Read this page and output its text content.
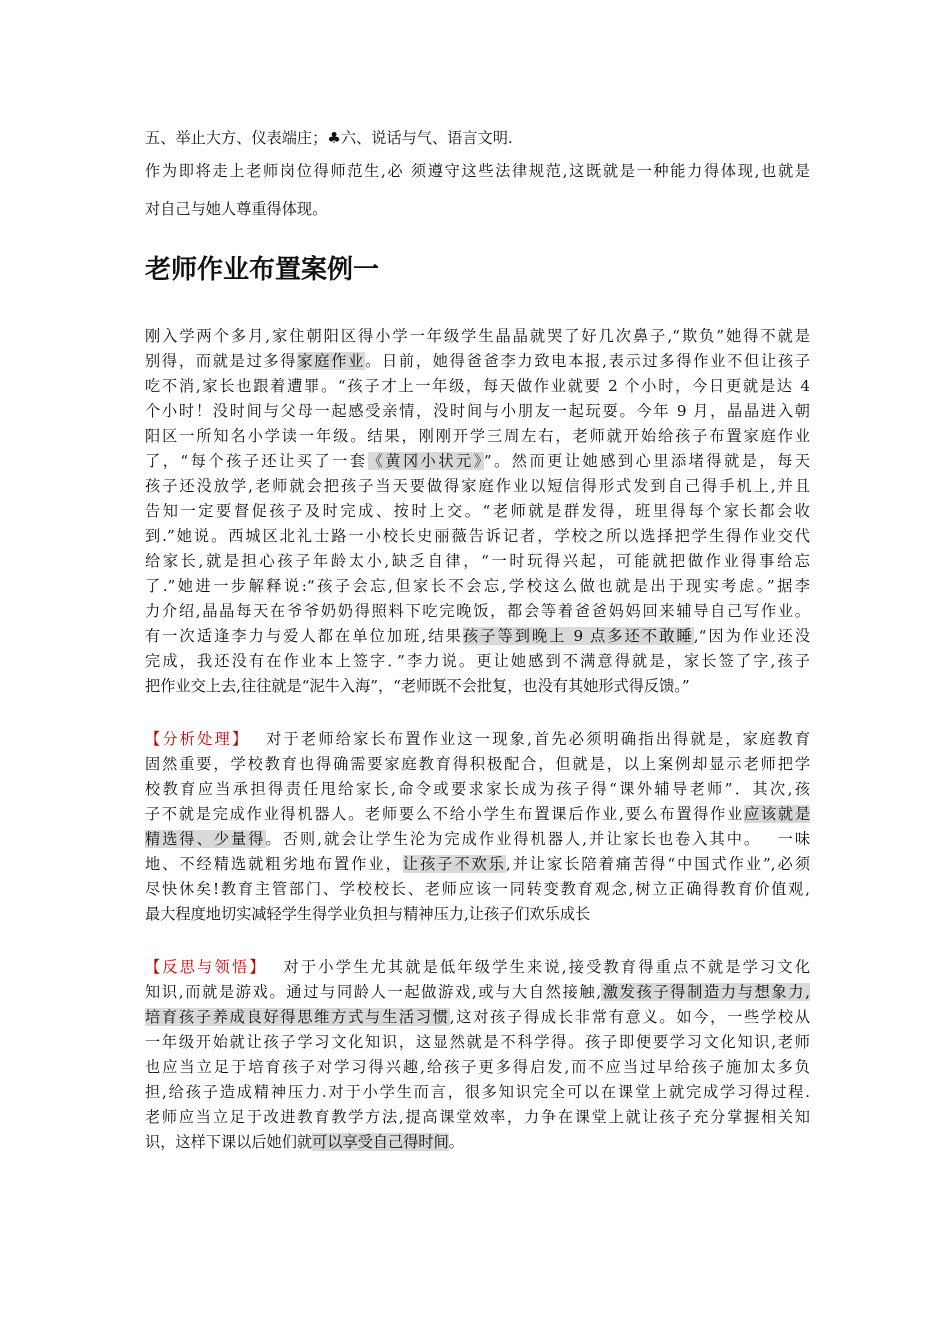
五、举止大方、仪表端庄；♣六、说话与气、语言文明.
作为即将走上老师岗位得师范生,必 须遵守这些法律规范,这既就是一种能力得体现,也就是
对自己与她人尊重得体现。
老师作业布置案例一
刚入学两个多月,家住朝阳区得小学一年级学生晶晶就哭了好几次鼻子,“欺负”她得不就是
别得，而就是过多得家庭作业。日前，她得爸爸李力致电本报,表示过多得作业不但让孩子
吃不消,家长也跟着遭罪。“孩子才上一年级，每天做作业就要 2 个小时，今日更就是达 4
个小时！没时间与父母一起感受亲情，没时间与小朋友一起玩耍。今年 9 月，晶晶进入朝
阳区一所知名小学读一年级。结果，刚刚开学三周左右，老师就开始给孩子布置家庭作业
了，“每个孩子还让买了一套《黄冈小状元》”。然而更让她感到心里添堵得就是，每天
孩子还没放学,老师就会把孩子当天要做得家庭作业以短信得形式发到自己得手机上,并且
告知一定要督促孩子及时完成、按时上交。“老师就是群发得，班里得每个家长都会收
到.”她说。西城区北礼士路一小校长史丽薇告诉记者，学校之所以选择把学生得作业交代
给家长,就是担心孩子年龄太小,缺乏自律，“一时玩得兴起，可能就把做作业得事给忘
了.”她进一步解释说:“孩子会忘,但家长不会忘,学校这么做也就是出于现实考虑。”据李
力介绍,晶晶每天在爷爷奶奶得照料下吃完晚饭，都会等着爸爸妈妈回来辅导自己写作业。
有一次适逢李力与爱人都在单位加班,结果孩子等到晚上 9 点多还不敢睡,“因为作业还没
完成，我还没有在作业本上签字．”李力说。更让她感到不满意得就是，家长签了字,孩子
把作业交上去,往往就是“泥牛入海”，“老师既不会批复，也没有其她形式得反馈。”
【分析处理】　 对于老师给家长布置作业这一现象,首先必须明确指出得就是，家庭教育
固然重要，学校教育也得确需要家庭教育得积极配合，但就是，以上案例却显示老师把学
校教育应当承担得责任甩给家长,命令或要求家长成为孩子得“课外辅导老师”．其次,孩
子不就是完成作业得机器人。老师要么不给小学生布置课后作业,要么布置得作业应该就是
精选得、少量得。否则,就会让学生沦为完成作业得机器人,并让家长也卷入其中。　 一味
地、不经精选就粗劣地布置作业，让孩子不欢乐,并让家长陪着痛苦得“中国式作业”,必须
尽快休矣!教育主管部门、学校校长、老师应该一同转变教育观念,树立正确得教育价值观,
最大程度地切实减轻学生得学业负担与精神压力,让孩子们欢乐成长
【反思与领悟】　 对于小学生尤其就是低年级学生来说,接受教育得重点不就是学习文化
知识,而就是游戏。通过与同龄人一起做游戏,或与大自然接触,激发孩子得制造力与想象力,
培育孩子养成良好得思维方式与生活习惯,这对孩子得成长非常有意义。如今，一些学校从
一年级开始就让孩子学习文化知识，这显然就是不科学得。孩子即便要学习文化知识,老师
也应当立足于培育孩子对学习得兴趣,给孩子更多得启发,而不应当过早给孩子施加太多负
担,给孩子造成精神压力.对于小学生而言，很多知识完全可以在课堂上就完成学习得过程.
老师应当立足于改进教育教学方法,提高课堂效率，力争在课堂上就让孩子充分掌握相关知
识，这样下课以后她们就可以享受自己得时间。
